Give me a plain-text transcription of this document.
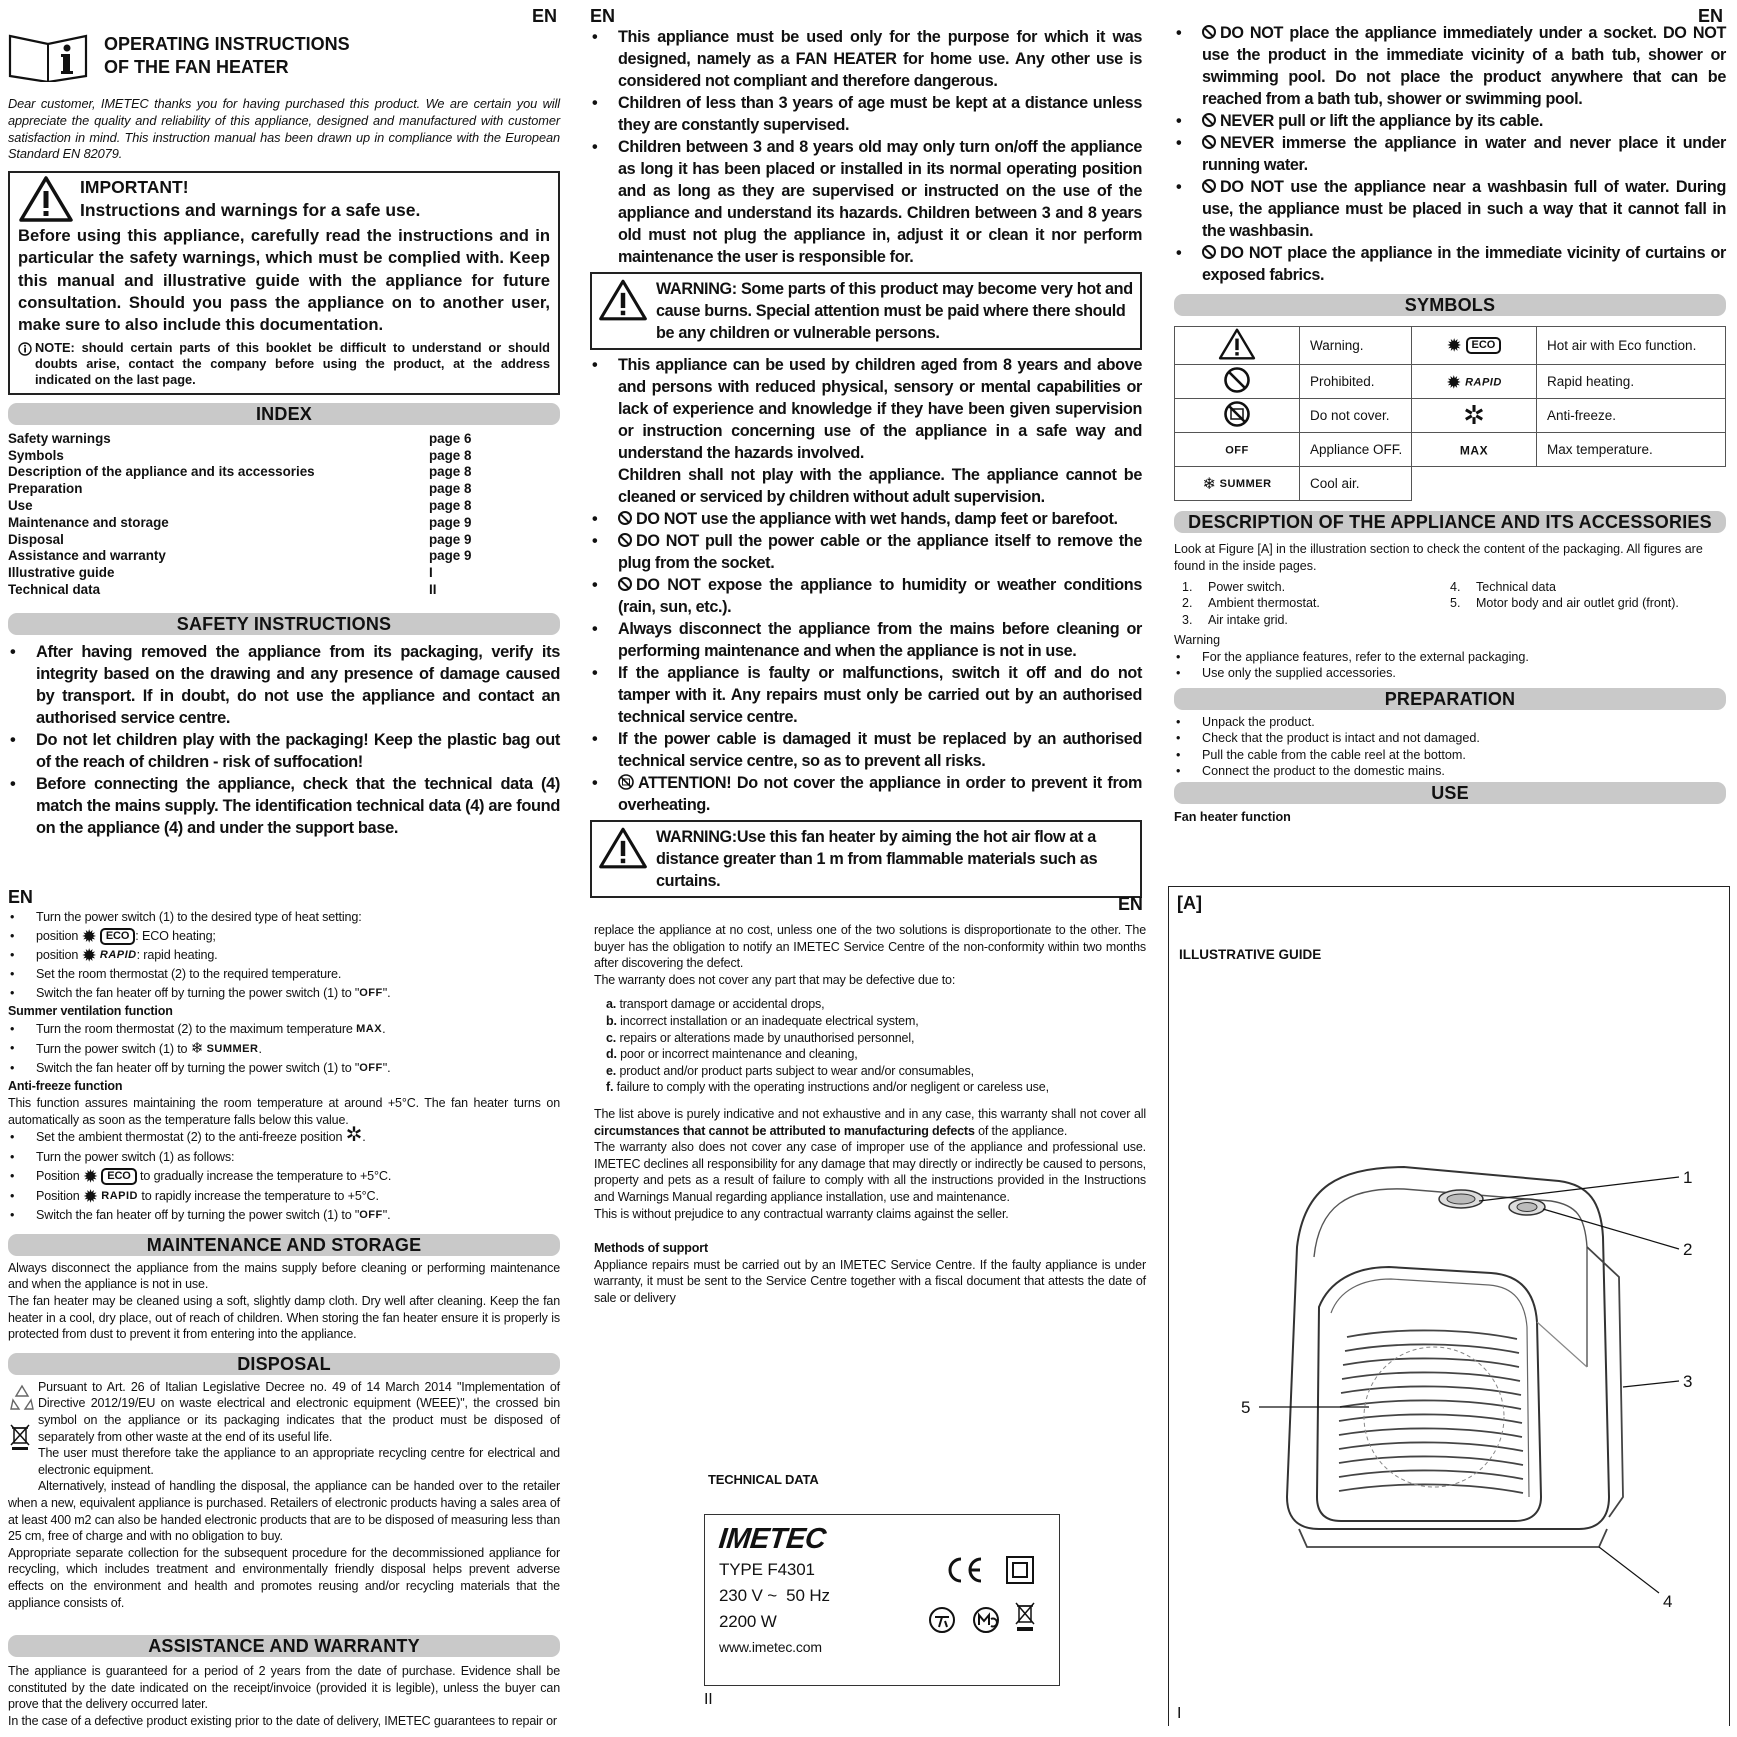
EN
OPERATING INSTRUCTIONS
OF THE FAN HEATER

Dear customer, IMETEC thanks you for having purchased this product. We are certain you will appreciate the quality and reliability of this appliance, designed and manufactured with customer satisfaction in mind. This instruction manual has been drawn up in compliance with the European Standard EN 82079.

IMPORTANT!
Instructions and warnings for a safe use.

Before using this appliance, carefully read the instructions and in particular the safety warnings, which must be complied with. Keep this manual and illustrative guide with the appliance for future consultation. Should you pass the appliance on to another user, make sure to also include this documentation.

NOTE: should certain parts of this booklet be difficult to understand or should doubts arise, contact the company before using the product, at the address indicated on the last page.

INDEX
Safety warnings	page 6
Symbols	page 8
Description of the appliance and its accessories	page 8
Preparation	page 8
Use	page 8
Maintenance and storage	page 9
Disposal	page 9
Assistance and warranty	page 9
Illustrative guide	I
Technical data	II
SAFETY INSTRUCTIONS
• After having removed the appliance from its packaging, verify its integrity based on the drawing and any presence of damage caused by transport. If in doubt, do not use the appliance and contact an authorised service centre.
• Do not let children play with the packaging! Keep the plastic bag out of the reach of children - risk of suffocation!
• Before connecting the appliance, check that the technical data (4) match the mains supply. The identification technical data (4) are found on the appliance (4) and under the support base.
EN
• This appliance must be used only for the purpose for which it was designed, namely as a FAN HEATER for home use. Any other use is considered not compliant and therefore dangerous.
• Children of less than 3 years of age must be kept at a distance unless they are constantly supervised.
• Children between 3 and 8 years old may only turn on/off the appliance as long it has been placed or installed in its normal operating position and as long as they are supervised or instructed on the use of the appliance and understand its hazards. Children between 3 and 8 years old must not plug the appliance in, adjust it or clean it nor perform maintenance the user is responsible for.
WARNING: Some parts of this product may become very hot and cause burns. Special attention must be paid where there should be any children or vulnerable persons.
• This appliance can be used by children aged from 8 years and above and persons with reduced physical, sensory or mental capabilities or lack of experience and knowledge if they have been given supervision or instruction concerning use of the appliance in a safe way and understand the hazards involved.
Children shall not play with the appliance. The appliance cannot be cleaned or serviced by children without adult supervision.
• DO NOT use the appliance with wet hands, damp feet or barefoot.
• DO NOT pull the power cable or the appliance itself to remove the plug from the socket.
• DO NOT expose the appliance to humidity or weather conditions (rain, sun, etc.).
• Always disconnect the appliance from the mains before cleaning or performing maintenance and when the appliance is not in use.
• If the appliance is faulty or malfunctions, switch it off and do not tamper with it. Any repairs must only be carried out by an authorised technical service centre.
• If the power cable is damaged it must be replaced by an authorised technical service centre, so as to prevent all risks.
• ATTENTION! Do not cover the appliance in order to prevent it from overheating.
WARNING:Use this fan heater by aiming the hot air flow at a distance greater than 1 m from flammable materials such as curtains.
EN
• DO NOT place the appliance immediately under a socket. DO NOT use the product in the immediate vicinity of a bath tub, shower or swimming pool. Do not place the product anywhere that can be reached from a bath tub, shower or swimming pool.
• NEVER pull or lift the appliance by its cable.
• NEVER immerse the appliance in water and never place it under running water.
• DO NOT use the appliance near a washbasin full of water. During use, the appliance must be placed in such a way that it cannot fall in the washbasin.
• DO NOT place the appliance in the immediate vicinity of curtains or exposed fabrics.
SYMBOLS
	Warning.	✹ ECO	Hot air with Eco function.
	Prohibited.	✹ RAPID	Rapid heating.
	Do not cover.	✲	Anti-freeze.
OFF	Appliance OFF.	MAX	Max temperature.
❄ SUMMER	Cool air.		
DESCRIPTION OF THE APPLIANCE AND ITS ACCESSORIES

Look at Figure [A] in the illustration section to check the content of the packaging. All figures are found in the inside pages.

1.	Power switch.
2.	Ambient thermostat.
3.	Air intake grid.
4.	Technical data
5.	Motor body and air outlet grid (front).
Warning
• For the appliance features, refer to the external packaging.
• Use only the supplied accessories.
PREPARATION
• Unpack the product.
• Check that the product is intact and not damaged.
• Pull the cable from the cable reel at the bottom.
• Connect the product to the domestic mains.
USE
Fan heater function
EN
• Turn the power switch (1) to the desired type of heat setting:
• position ✹ ECO : ECO heating;
• position ✹ RAPID: rapid heating.
• Set the room thermostat (2) to the required temperature.
• Switch the fan heater off by turning the power switch (1) to "OFF".
Summer ventilation function
• Turn the room thermostat (2) to the maximum temperature MAX.
• Turn the power switch (1) to ❄ SUMMER.
• Switch the fan heater off by turning the power switch (1) to "OFF".
Anti-freeze function

This function assures maintaining the room temperature at around +5°C. The fan heater turns on automatically as soon as the temperature falls below this value.

• Set the ambient thermostat (2) to the anti-freeze position ✲.
• Turn the power switch (1) as follows:
• Position ✹ ECO to gradually increase the temperature to +5°C.
• Position ✹ RAPID to rapidly increase the temperature to +5°C.
• Switch the fan heater off by turning the power switch (1) to "OFF".
MAINTENANCE AND STORAGE

Always disconnect the appliance from the mains supply before cleaning or performing maintenance and when the appliance is not in use.

The fan heater may be cleaned using a soft, slightly damp cloth. Dry well after cleaning. Keep the fan heater in a cool, dry place, out of reach of children. When storing the fan heater ensure it is properly is protected from dust to prevent it from entering into the appliance.

DISPOSAL

Pursuant to Art. 26 of Italian Legislative Decree no. 49 of 14 March 2014 "Implementation of Directive 2012/19/EU on waste electrical and electronic equipment (WEEE)", the crossed bin symbol on the appliance or its packaging indicates that the product must be disposed of separately from other waste at the end of its useful life.

The user must therefore take the appliance to an appropriate recycling centre for electrical and electronic equipment.

Alternatively, instead of handling the disposal, the appliance can be handed over to the retailer when a new, equivalent appliance is purchased. Retailers of electronic products having a sales area of at least 400 m2 can also be handed electronic products that are to be disposed of measuring less than 25 cm, free of charge and with no obligation to buy.

Appropriate separate collection for the subsequent procedure for the decommissioned appliance for recycling, which includes treatment and environmentally friendly disposal helps prevent adverse effects on the environment and health and promotes reusing and/or recycling materials that the appliance consists of.

ASSISTANCE AND WARRANTY

The appliance is guaranteed for a period of 2 years from the date of purchase. Evidence shall be constituted by the date indicated on the receipt/invoice (provided it is legible), unless the buyer can prove that the delivery occurred later.

In the case of a defective product existing prior to the date of delivery, IMETEC guarantees to repair or

EN

replace the appliance at no cost, unless one of the two solutions is disproportionate to the other. The buyer has the obligation to notify an IMETEC Service Centre of the non-conformity within two months after discovering the defect.

The warranty does not cover any part that may be defective due to:

a. transport damage or accidental drops,
b. incorrect installation or an inadequate electrical system,
c. repairs or alterations made by unauthorised personnel,
d. poor or incorrect maintenance and cleaning,
e. product and/or product parts subject to wear and/or consumables,
f. failure to comply with the operating instructions and/or negligent or careless use,

The list above is purely indicative and not exhaustive and in any case, this warranty shall not cover all circumstances that cannot be attributed to manufacturing defects of the appliance.

The warranty also does not cover any case of improper use of the appliance and professional use. IMETEC declines all responsibility for any damage that may directly or indirectly be caused to persons, property and pets as a result of failure to comply with all the instructions provided in the Instructions and Warnings Manual regarding appliance installation, use and maintenance.

This is without prejudice to any contractual warranty claims against the seller.

Methods of support

Appliance repairs must be carried out by an IMETEC Service Centre. If the faulty appliance is under warranty, it must be sent to the Service Centre together with a fiscal document that attests the date of sale or delivery

TECHNICAL DATA
IMETEC
TYPE F4301
230 V ~  50 Hz
2200 W
www.imetec.com
II
[A]
ILLUSTRATIVE GUIDE
1
2
3
4
5
I
